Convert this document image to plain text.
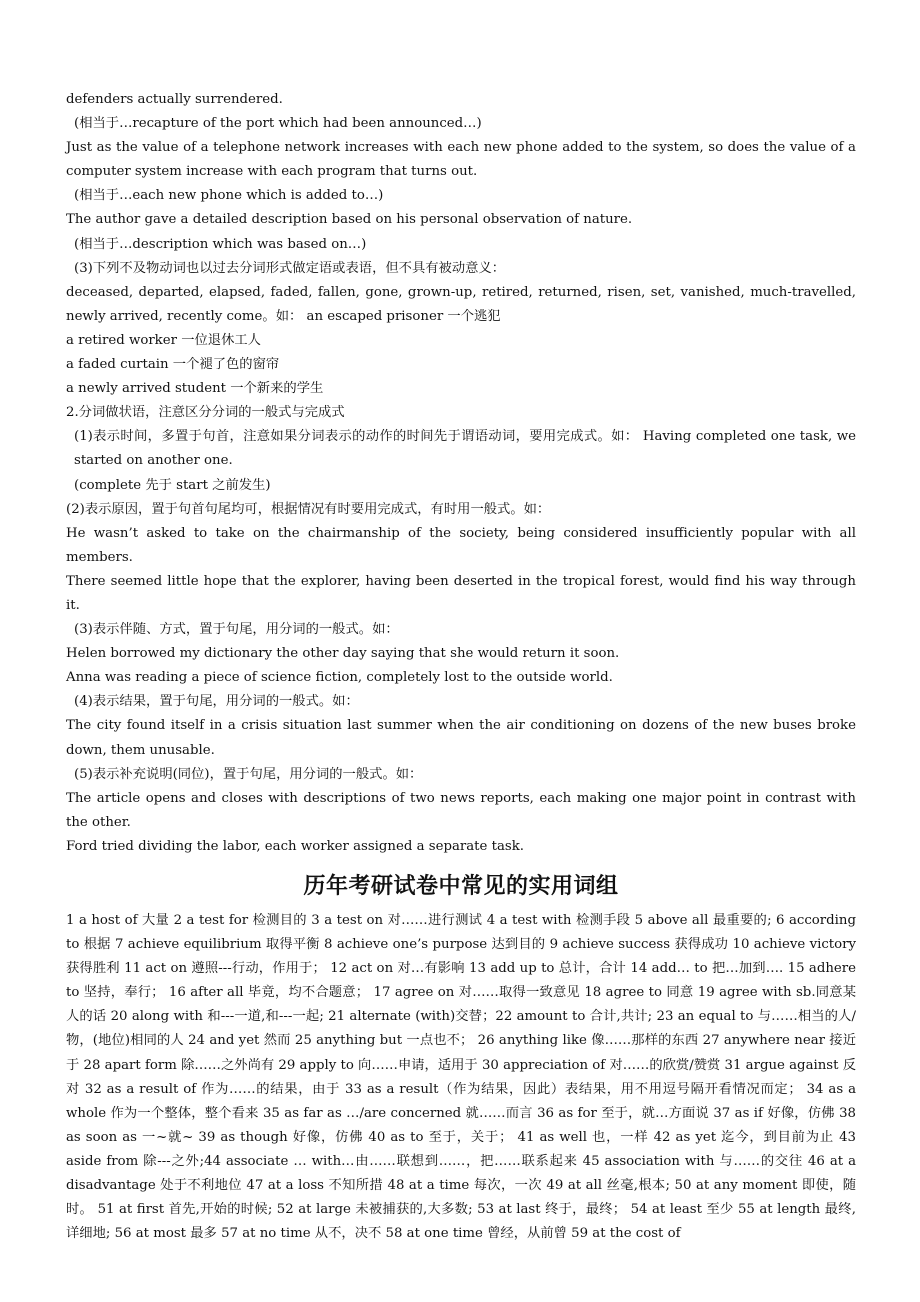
defenders actually surrendered.
(相当于…recapture of the port which had been announced…)
Just as the value of a telephone network increases with each new phone added to the system, so does the value of a computer system increase with each program that turns out.
(相当于…each new phone which is added to…)
The author gave a detailed description based on his personal observation of nature.
(相当于…description which was based on…)
(3)下列不及物动词也以过去分词形式做定语或表语，但不具有被动意义：
deceased, departed, elapsed, faded, fallen, gone, grown-up, retired, returned, risen, set, vanished, much-travelled, newly arrived, recently come。如： an escaped prisoner 一个逃犯
a retired worker 一位退休工人
a faded curtain 一个褪了色的窗帘
a newly arrived student 一个新来的学生
2.分词做状语，注意区分分词的一般式与完成式
(1)表示时间，多置于句首，注意如果分词表示的动作的时间先于谓语动词，要用完成式。如： Having completed one task, we started on another one.
(complete 先于 start 之前发生)
(2)表示原因，置于句首句尾均可，根据情况有时要用完成式，有时用一般式。如：
He wasn’t asked to take on the chairmanship of the society, being considered insufficiently popular with all members.
There seemed little hope that the explorer, having been deserted in the tropical forest, would find his way through it.
(3)表示伴随、方式，置于句尾，用分词的一般式。如：
Helen borrowed my dictionary the other day saying that she would return it soon.
Anna was reading a piece of science fiction, completely lost to the outside world.
(4)表示结果，置于句尾，用分词的一般式。如：
The city found itself in a crisis situation last summer when the air conditioning on dozens of the new buses broke down, them unusable.
(5)表示补充说明(同位)，置于句尾，用分词的一般式。如：
The article opens and closes with descriptions of two news reports, each making one major point in contrast with the other.
Ford tried dividing the labor, each worker assigned a separate task.
历年考研试卷中常见的实用词组

1 a host of 大量 2 a test for 检测目的 3 a test on 对……进行测试 4 a test with 检测手段 5 above all 最重要的; 6 according to 根据 7 achieve equilibrium 取得平衡 8 achieve one’s purpose 达到目的 9 achieve success 获得成功 10 achieve victory 获得胜利 11 act on 遵照---行动，作用于； 12 act on 对…有影响 13 add up to 总计，合计 14 add… to 把…加到…. 15 adhere to 坚持，奉行； 16 after all 毕竟，均不合题意； 17 agree on 对……取得一致意见 18 agree to 同意 19 agree with sb.同意某人的话 20 along with 和---一道,和---一起; 21 alternate (with)交替；22 amount to 合计,共计; 23 an equal to 与……相当的人/物，(地位)相同的人 24 and yet 然而 25 anything but 一点也不； 26 anything like 像……那样的东西 27 anywhere near 接近于 28 apart form 除……之外尚有 29 apply to 向……申请，适用于 30 appreciation of 对……的欣赏/赞赏 31 argue against 反对 32 as a result of 作为……的结果，由于 33 as a result（作为结果，因此）表结果，用不用逗号隔开看情况而定； 34 as a whole 作为一个整体，整个看来 35 as far as …/are concerned 就……而言 36 as for 至于，就…方面说 37 as if 好像，仿佛 38 as soon as 一~就~ 39 as though 好像，仿佛 40 as to 至于，关于； 41 as well 也，一样 42 as yet 迄今，到目前为止 43 aside from 除---之外;44 associate … with…由……联想到……，把……联系起来 45 association with 与……的交往 46 at a disadvantage 处于不利地位 47 at a loss 不知所措 48 at a time 每次，一次 49 at all 丝毫,根本; 50 at any moment 即使，随时。 51 at first 首先,开始的时候; 52 at large 未被捕获的,大多数; 53 at last 终于，最终； 54 at least 至少 55 at length 最终,详细地; 56 at most 最多 57 at no time 从不，决不 58 at one time 曾经，从前曾 59 at the cost of
